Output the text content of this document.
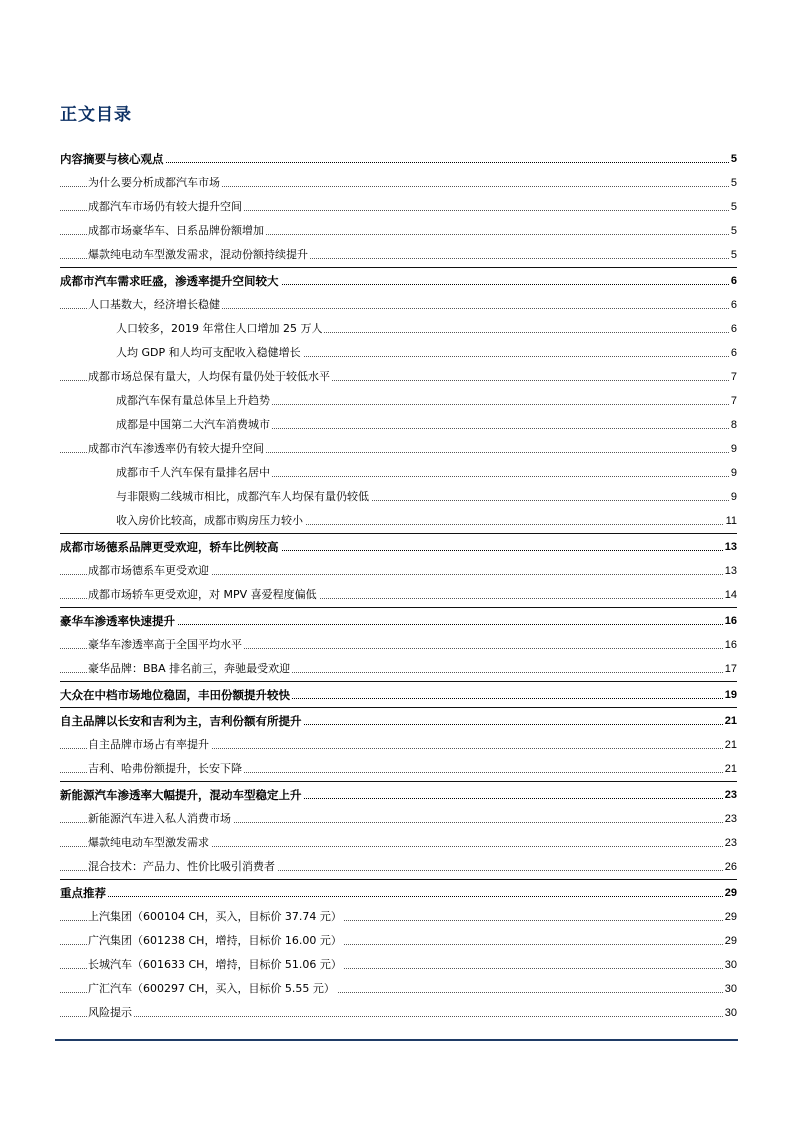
正文目录
内容摘要与核心观点	5
为什么要分析成都汽车市场	5
成都汽车市场仍有较大提升空间	5
成都市场豪华车、日系品牌份额增加	5
爆款纯电动车型激发需求，混动份额持续提升	5
成都市汽车需求旺盛，渗透率提升空间较大	6
人口基数大，经济增长稳健	6
人口较多，2019 年常住人口增加 25 万人	6
人均 GDP 和人均可支配收入稳健增长	6
成都市场总保有量大，人均保有量仍处于较低水平	7
成都汽车保有量总体呈上升趋势	7
成都是中国第二大汽车消费城市	8
成都市汽车渗透率仍有较大提升空间	9
成都市千人汽车保有量排名居中	9
与非限购二线城市相比，成都汽车人均保有量仍较低	9
收入房价比较高，成都市购房压力较小	11
成都市场德系品牌更受欢迎，轿车比例较高	13
成都市场德系车更受欢迎	13
成都市场轿车更受欢迎，对 MPV 喜爱程度偏低	14
豪华车渗透率快速提升	16
豪华车渗透率高于全国平均水平	16
豪华品牌：BBA 排名前三，奔驰最受欢迎	17
大众在中档市场地位稳固，丰田份额提升较快	19
自主品牌以长安和吉利为主，吉利份额有所提升	21
自主品牌市场占有率提升	21
吉利、哈弗份额提升，长安下降	21
新能源汽车渗透率大幅提升，混动车型稳定上升	23
新能源汽车进入私人消费市场	23
爆款纯电动车型激发需求	23
混合技术：产品力、性价比吸引消费者	26
重点推荐	29
上汽集团（600104 CH，买入，目标价 37.74 元）	29
广汽集团（601238 CH，增持，目标价 16.00 元）	29
长城汽车（601633 CH，增持，目标价 51.06 元）	30
广汇汽车（600297 CH，买入，目标价 5.55 元）	30
风险提示	30
